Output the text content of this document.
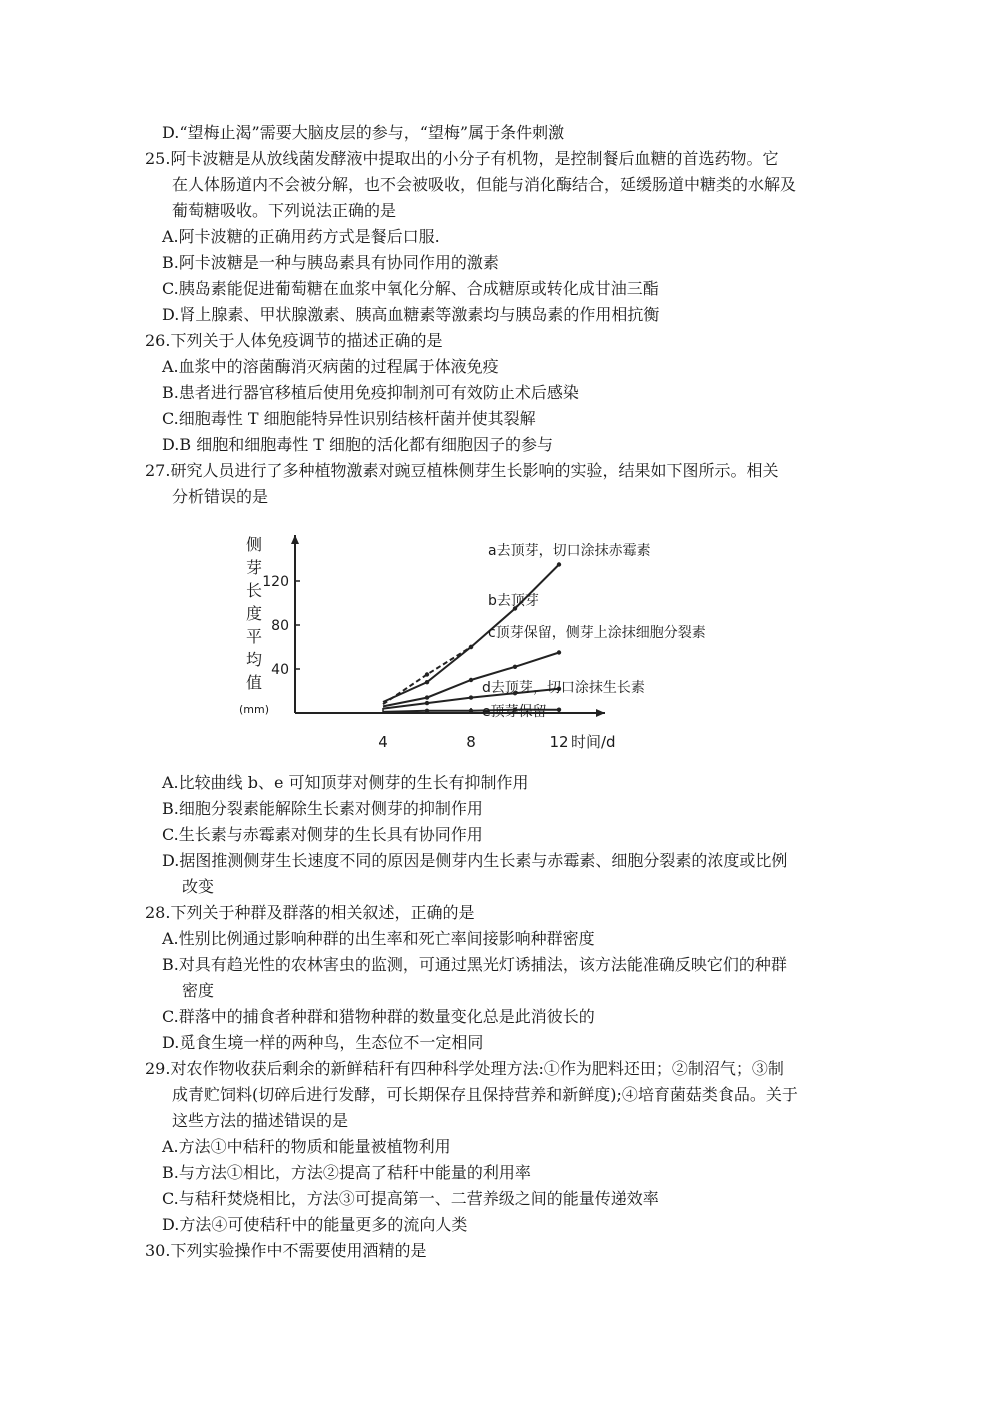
D.“望梅止渴”需要大脑皮层的参与，“望梅”属于条件刺激
25.阿卡波糖是从放线菌发酵液中提取出的小分子有机物，是控制餐后血糖的首选药物。它
在人体肠道内不会被分解，也不会被吸收，但能与消化酶结合，延缓肠道中糖类的水解及
葡萄糖吸收。下列说法正确的是
A.阿卡波糖的正确用药方式是餐后口服.
B.阿卡波糖是一种与胰岛素具有协同作用的激素
C.胰岛素能促进葡萄糖在血浆中氧化分解、合成糖原或转化成甘油三酯
D.肾上腺素、甲状腺激素、胰高血糖素等激素均与胰岛素的作用相抗衡
26.下列关于人体免疫调节的描述正确的是
A.血浆中的溶菌酶消灭病菌的过程属于体液免疫
B.患者进行器官移植后使用免疫抑制剂可有效防止术后感染
C.细胞毒性 T 细胞能特异性识别结核杆菌并使其裂解
D.B 细胞和细胞毒性 T 细胞的活化都有细胞因子的参与
27.研究人员进行了多种植物激素对豌豆植株侧芽生长影响的实验，结果如下图所示。相关
分析错误的是
40
80
120
4	8	12 时间/d
侧
芽
长
度
平
均
值
(mm)
a去顶芽，切口涂抹赤霉素
b去顶芽
c顶芽保留，侧芽上涂抹细胞分裂素
d去顶芽，切口涂抹生长素
e顶芽保留
A.比较曲线 b、e 可知顶芽对侧芽的生长有抑制作用
B.细胞分裂素能解除生长素对侧芽的抑制作用
C.生长素与赤霉素对侧芽的生长具有协同作用
D.据图推测侧芽生长速度不同的原因是侧芽内生长素与赤霉素、细胞分裂素的浓度或比例
改变
28.下列关于种群及群落的相关叙述，正确的是
A.性别比例通过影响种群的出生率和死亡率间接影响种群密度
B.对具有趋光性的农林害虫的监测，可通过黑光灯诱捕法，该方法能准确反映它们的种群
密度
C.群落中的捕食者种群和猎物种群的数量变化总是此消彼长的
D.觅食生境一样的两种鸟，生态位不一定相同
29.对农作物收获后剩余的新鲜秸秆有四种科学处理方法:①作为肥料还田；②制沼气；③制
成青贮饲料(切碎后进行发酵，可长期保存且保持营养和新鲜度);④培育菌菇类食品。关于
这些方法的描述错误的是
A.方法①中秸秆的物质和能量被植物利用
B.与方法①相比，方法②提高了秸秆中能量的利用率
C.与秸秆焚烧相比，方法③可提高第一、二营养级之间的能量传递效率
D.方法④可使秸秆中的能量更多的流向人类
30.下列实验操作中不需要使用酒精的是
